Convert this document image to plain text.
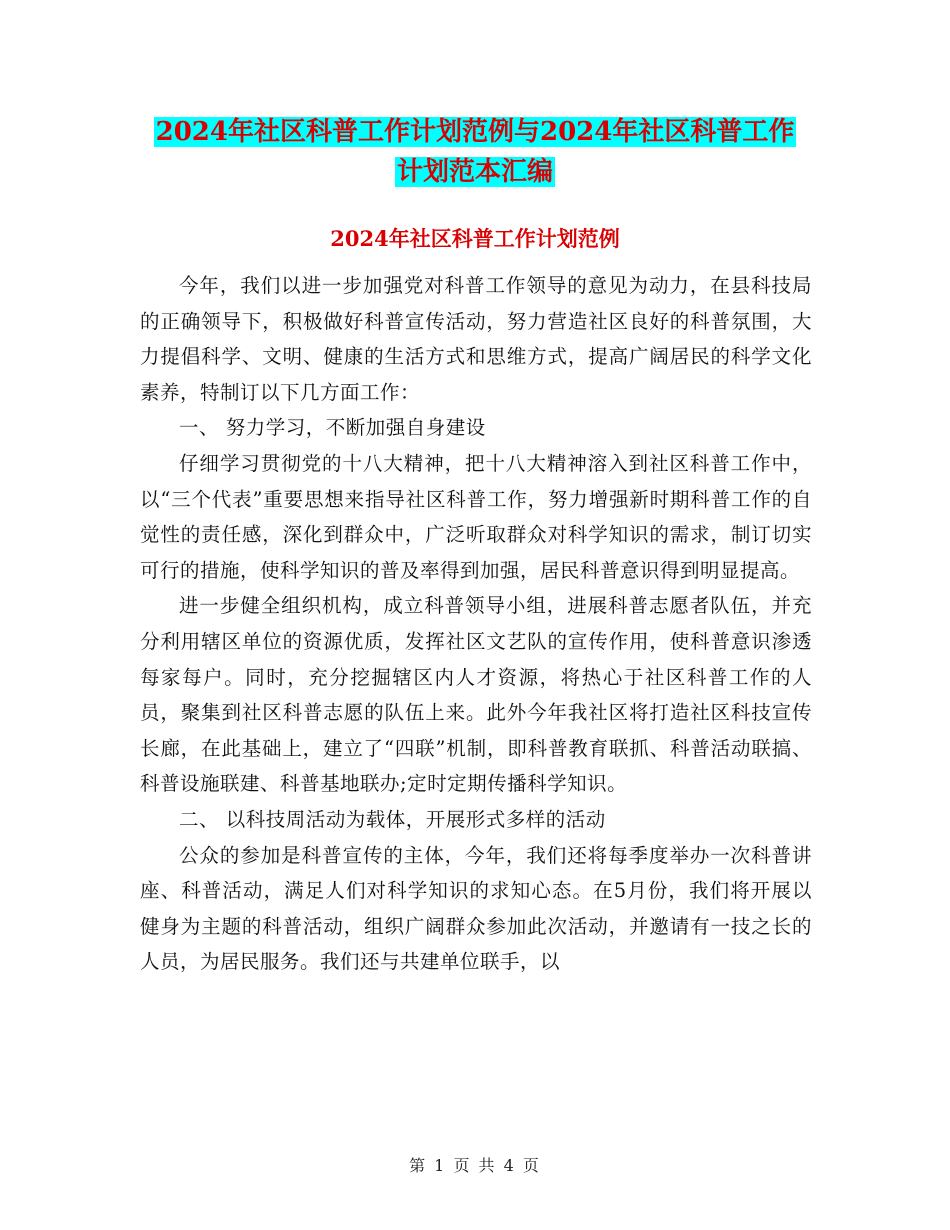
2024年社区科普工作计划范例与2024年社区科普工作
计划范本汇编
2024年社区科普工作计划范例

今年，我们以进一步加强党对科普工作领导的意见为动力，在县科技局的正确领导下，积极做好科普宣传活动，努力营造社区良好的科普氛围，大力提倡科学、文明、健康的生活方式和思维方式，提高广阔居民的科学文化素养，特制订以下几方面工作：

一、 努力学习，不断加强自身建设

仔细学习贯彻党的十八大精神，把十八大精神溶入到社区科普工作中，以“三个代表”重要思想来指导社区科普工作，努力增强新时期科普工作的自觉性的责任感，深化到群众中，广泛听取群众对科学知识的需求，制订切实可行的措施，使科学知识的普及率得到加强，居民科普意识得到明显提高。

进一步健全组织机构，成立科普领导小组，进展科普志愿者队伍，并充分利用辖区单位的资源优质，发挥社区文艺队的宣传作用，使科普意识渗透每家每户。同时，充分挖掘辖区内人才资源，将热心于社区科普工作的人员，聚集到社区科普志愿的队伍上来。此外今年我社区将打造社区科技宣传长廊，在此基础上，建立了“四联”机制，即科普教育联抓、科普活动联搞、科普设施联建、科普基地联办;定时定期传播科学知识。

二、 以科技周活动为载体，开展形式多样的活动

公众的参加是科普宣传的主体，今年，我们还将每季度举办一次科普讲座、科普活动，满足人们对科学知识的求知心态。在5月份，我们将开展以健身为主题的科普活动，组织广阔群众参加此次活动，并邀请有一技之长的人员，为居民服务。我们还与共建单位联手，以

第 1 页 共 4 页
